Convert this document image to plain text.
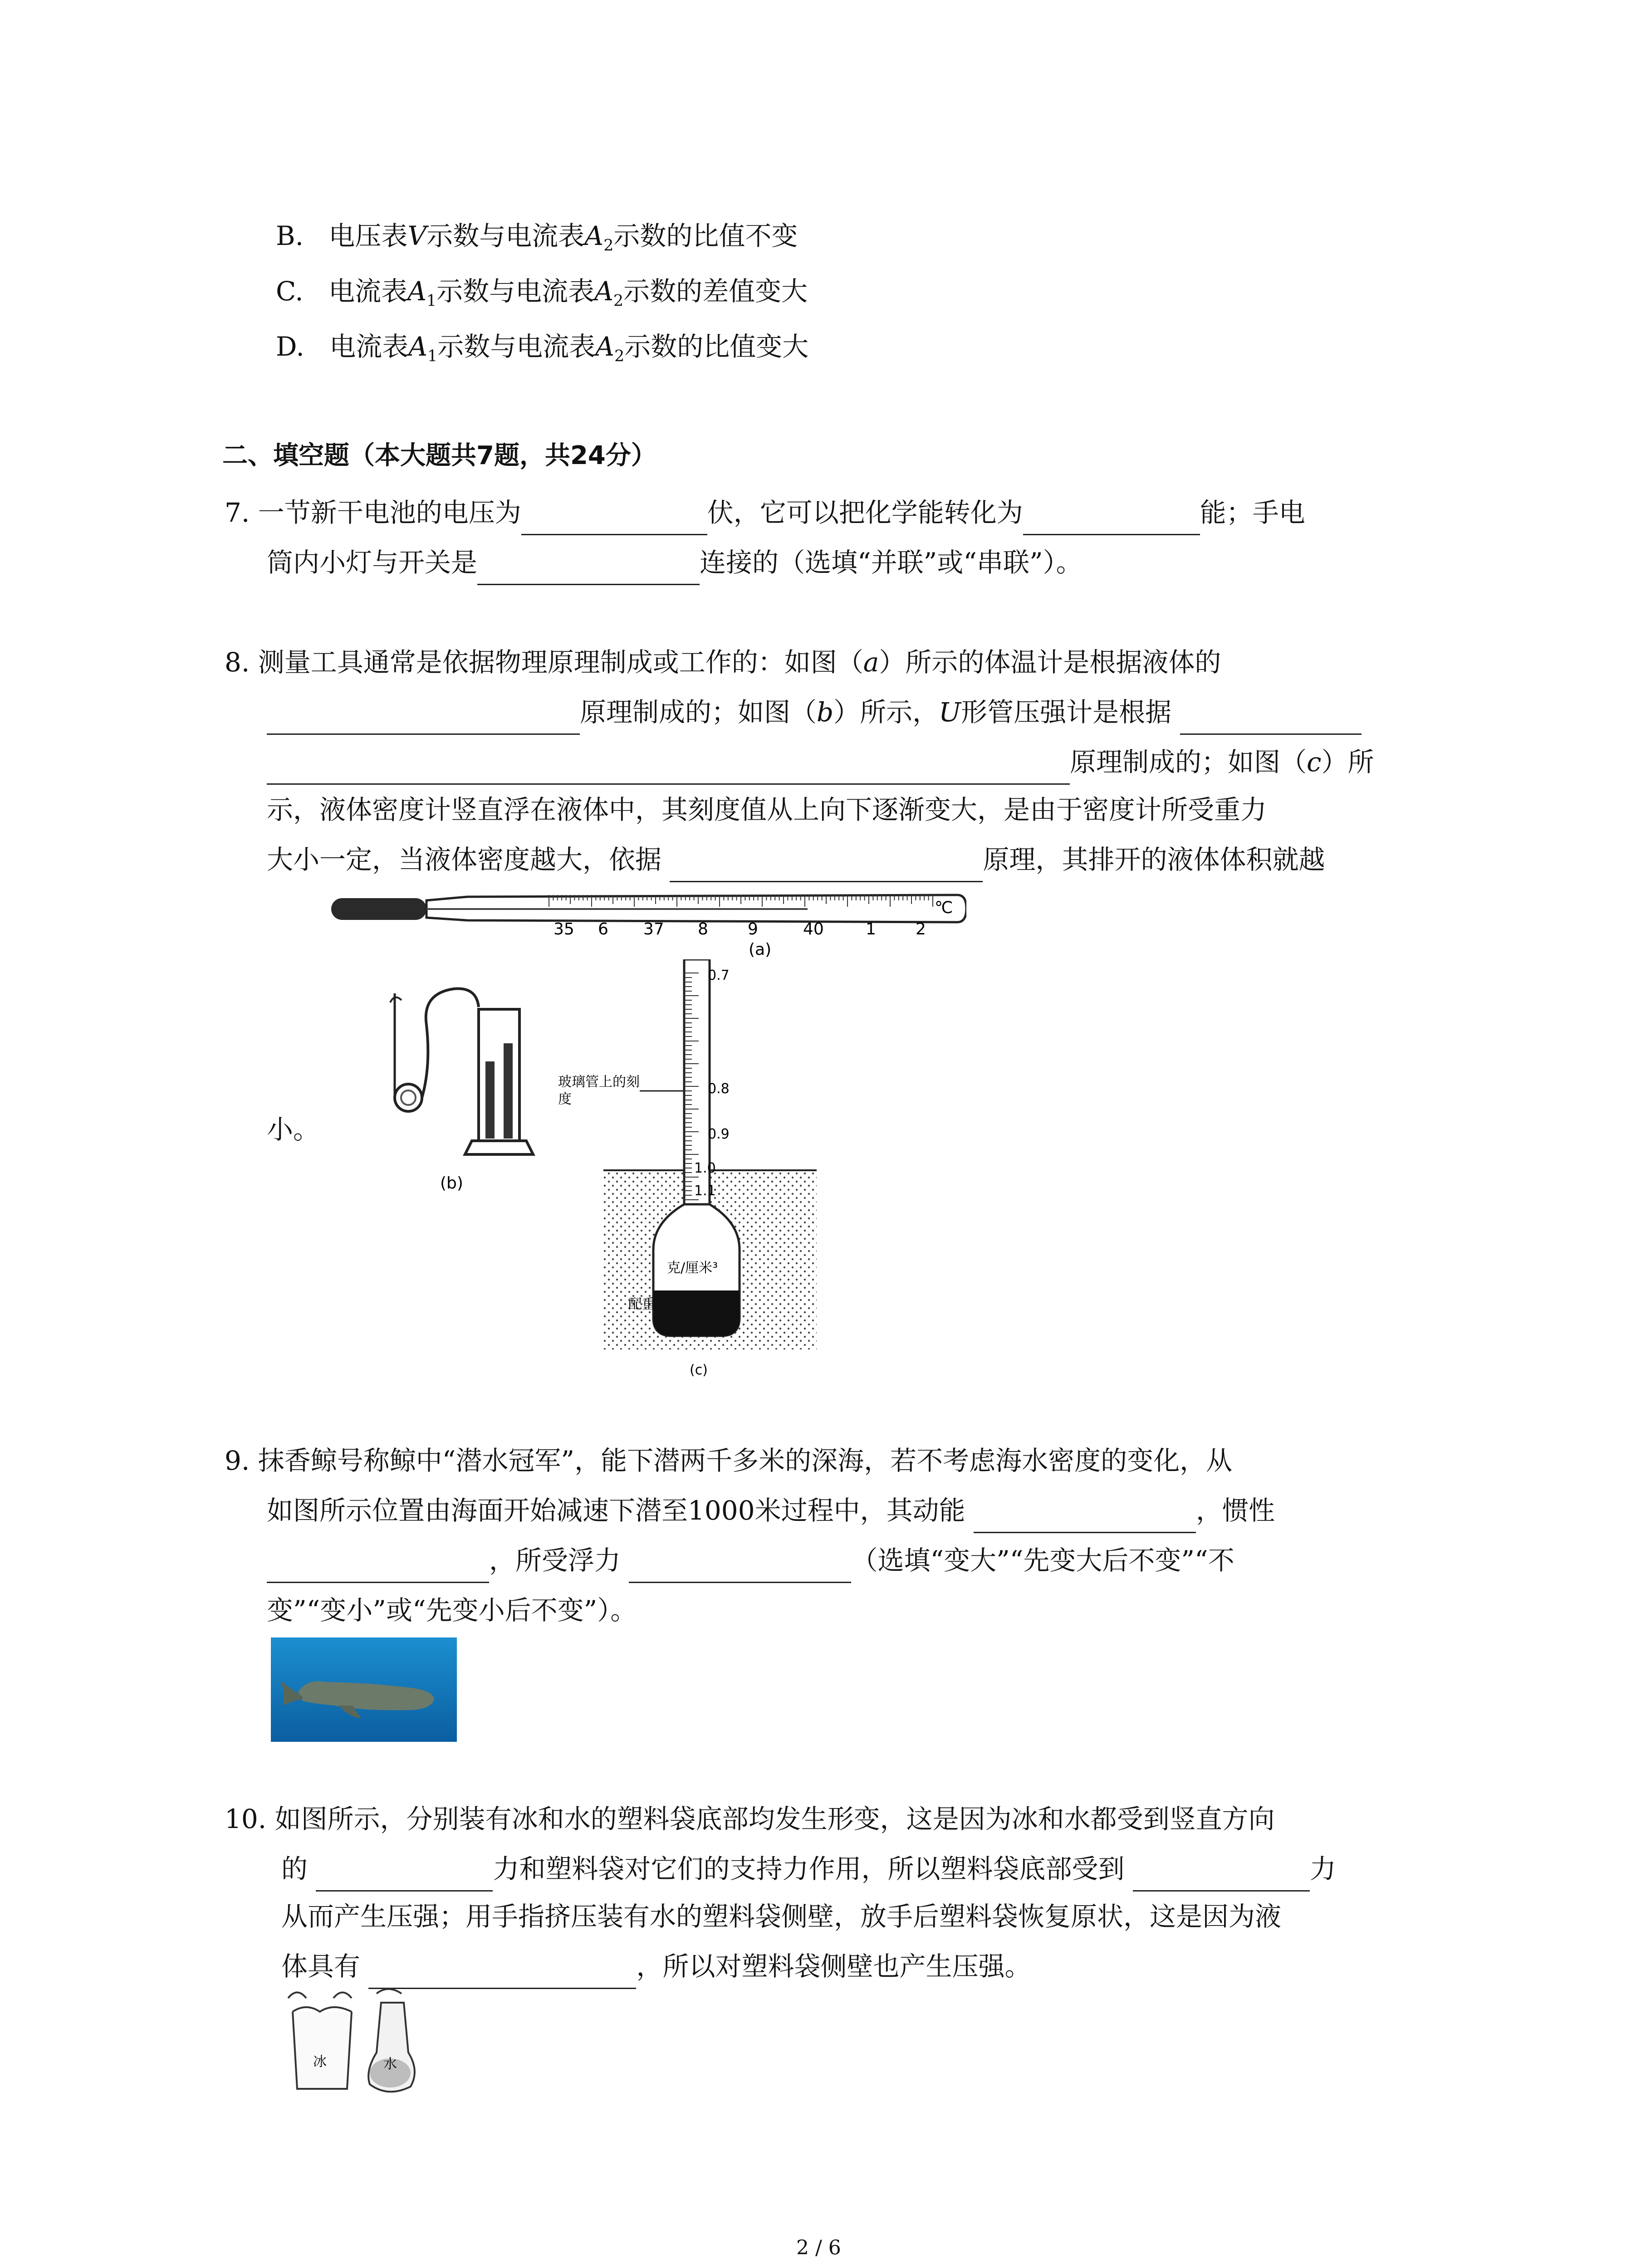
B. 电压表V示数与电流表$A_2$示数的比值不变
C. 电流表$A_1$示数与电流表$A_2$示数的差值变大
D. 电流表$A_1$示数与电流表$A_2$示数的比值变大
二、填空题（本大题共7题，共24分）
7. 一节新干电池的电压为	伏，它可以把化学能转化为	能；手电
筒内小灯与开关是	连接的（选填“并联”或“串联”）。
8. 测量工具通常是依据物理原理制成或工作的：如图（a）所示的体温计是根据液体的
原理制成的；如图（b）所示，U形管压强计是根据
原理制成的；如图（c）所
示，液体密度计竖直浮在液体中，其刻度值从上向下逐渐变大，是由于密度计所受重力
大小一定，当液体密度越大，依据	原理，其排开的液体体积就越
小。
35 6 37 8 9	40	1 2
℃
(a)
(b)
0.7
0.8
0.9
1.0
1.1
玻璃管上的刻
度
克/厘米³
配重
(c)
9. 抹香鲸号称鲸中“潜水冠军”，能下潜两千多米的深海，若不考虑海水密度的变化，从
如图所示位置由海面开始减速下潜至1000米过程中，其动能	，惯性
，所受浮力	（选填“变大”“先变大后不变”“不
变”“变小”或“先变小后不变”）。
10. 如图所示，分别装有冰和水的塑料袋底部均发生形变，这是因为冰和水都受到竖直方向
的	力和塑料袋对它们的支持力作用，所以塑料袋底部受到	力
从而产生压强；用手指挤压装有水的塑料袋侧壁，放手后塑料袋恢复原状，这是因为液
体具有	，所以对塑料袋侧壁也产生压强。
冰	水
2 / 6
